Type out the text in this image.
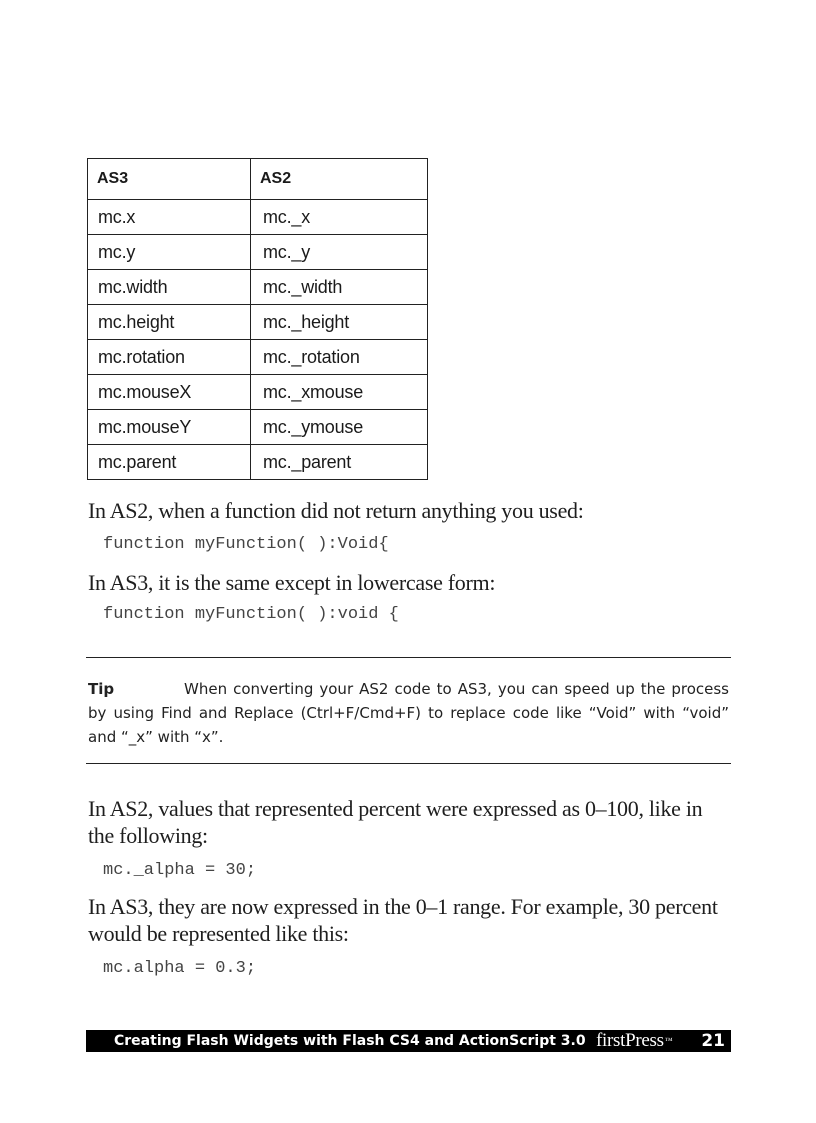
AS3	AS2
mc.x	mc._x
mc.y	mc._y
mc.width	mc._width
mc.height	mc._height
mc.rotation	mc._rotation
mc.mouseX	mc._xmouse
mc.mouseY	mc._ymouse
mc.parent	mc._parent

In AS2, when a function did not return anything you used:

function myFunction( ):Void{

In AS3, it is the same except in lowercase form:

function myFunction( ):void {

Tip	When converting your AS2 code to AS3, you can speed up the process by using Find and Replace (Ctrl+F/Cmd+F) to replace code like “Void” with “void” and “_x” with “x”.

In AS2, values that represented percent were expressed as 0–100, like in the following:

mc._alpha = 30;

In AS3, they are now expressed in the 0–1 range. For example, 30 percent would be represented like this:

mc.alpha = 0.3;

Creating Flash Widgets with Flash CS4 and ActionScript 3.0 firstPress™ 21
